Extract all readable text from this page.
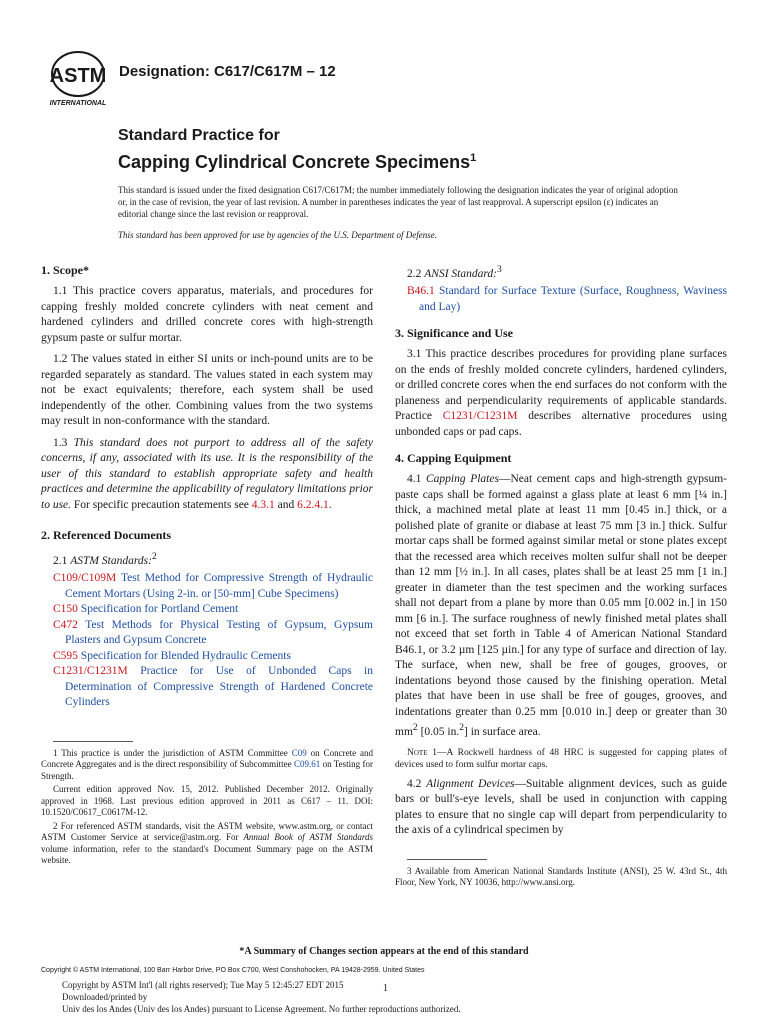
ASTM
INTERNATIONAL
Designation: C617/C617M – 12
Standard Practice for
Capping Cylindrical Concrete Specimens$^1$
This standard is issued under the fixed designation C617/C617M; the number immediately following the designation indicates the year of original adoption or, in the case of revision, the year of last revision. A number in parentheses indicates the year of last reapproval. A superscript epsilon (ε) indicates an editorial change since the last revision or reapproval.
This standard has been approved for use by agencies of the U.S. Department of Defense.
1. Scope*

1.1 This practice covers apparatus, materials, and procedures for capping freshly molded concrete cylinders with neat cement and hardened cylinders and drilled concrete cores with high-strength gypsum paste or sulfur mortar.

1.2 The values stated in either SI units or inch-pound units are to be regarded separately as standard. The values stated in each system may not be exact equivalents; therefore, each system shall be used independently of the other. Combining values from the two systems may result in non-conformance with the standard.

1.3 This standard does not purport to address all of the safety concerns, if any, associated with its use. It is the responsibility of the user of this standard to establish appropriate safety and health practices and determine the applicability of regulatory limitations prior to use. For specific precaution statements see 4.3.1 and 6.2.4.1.

2. Referenced Documents

2.1 ASTM Standards:$^2$

C109/C109M Test Method for Compressive Strength of Hydraulic Cement Mortars (Using 2-in. or [50-mm] Cube Specimens)
C150 Specification for Portland Cement
C472 Test Methods for Physical Testing of Gypsum, Gypsum Plasters and Gypsum Concrete
C595 Specification for Blended Hydraulic Cements
C1231/C1231M Practice for Use of Unbonded Caps in Determination of Compressive Strength of Hardened Concrete Cylinders
1 This practice is under the jurisdiction of ASTM Committee C09 on Concrete and Concrete Aggregates and is the direct responsibility of Subcommittee C09.61 on Testing for Strength.
Current edition approved Nov. 15, 2012. Published December 2012. Originally approved in 1968. Last previous edition approved in 2011 as C617 – 11. DOI: 10.1520/C0617_C0617M-12.
2 For referenced ASTM standards, visit the ASTM website, www.astm.org, or contact ASTM Customer Service at service@astm.org. For Annual Book of ASTM Standards volume information, refer to the standard's Document Summary page on the ASTM website.

2.2 ANSI Standard:$^3$

B46.1 Standard for Surface Texture (Surface, Roughness, Waviness and Lay)
3. Significance and Use

3.1 This practice describes procedures for providing plane surfaces on the ends of freshly molded concrete cylinders, hardened cylinders, or drilled concrete cores when the end surfaces do not conform with the planeness and perpendicularity requirements of applicable standards. Practice C1231/C1231M describes alternative procedures using unbonded caps or pad caps.

4. Capping Equipment

4.1 Capping Plates—Neat cement caps and high-strength gypsum-paste caps shall be formed against a glass plate at least 6 mm [¼ in.] thick, a machined metal plate at least 11 mm [0.45 in.] thick, or a polished plate of granite or diabase at least 75 mm [3 in.] thick. Sulfur mortar caps shall be formed against similar metal or stone plates except that the recessed area which receives molten sulfur shall not be deeper than 12 mm [½ in.]. In all cases, plates shall be at least 25 mm [1 in.] greater in diameter than the test specimen and the working surfaces shall not depart from a plane by more than 0.05 mm [0.002 in.] in 150 mm [6 in.]. The surface roughness of newly finished metal plates shall not exceed that set forth in Table 4 of American National Standard B46.1, or 3.2 µm [125 µin.] for any type of surface and direction of lay. The surface, when new, shall be free of gouges, grooves, or indentations beyond those caused by the finishing operation. Metal plates that have been in use shall be free of gouges, grooves, and indentations greater than 0.25 mm [0.010 in.] deep or greater than 30 $mm^2$ [0.05 in.$^2$] in surface area.

Note 1—A Rockwell hardness of 48 HRC is suggested for capping plates of devices used to form sulfur mortar caps.

4.2 Alignment Devices—Suitable alignment devices, such as guide bars or bull's-eye levels, shall be used in conjunction with capping plates to ensure that no single cap will depart from perpendicularity to the axis of a cylindrical specimen by

3 Available from American National Standards Institute (ANSI), 25 W. 43rd St., 4th Floor, New York, NY 10036, http://www.ansi.org.
*A Summary of Changes section appears at the end of this standard
Copyright © ASTM International, 100 Barr Harbor Drive, PO Box C700, West Conshohocken, PA 19428-2959. United States
Copyright by ASTM Int'l (all rights reserved); Tue May 5 12:45:27 EDT 2015
Downloaded/printed by
Univ des los Andes (Univ des los Andes) pursuant to License Agreement. No further reproductions authorized.
1
